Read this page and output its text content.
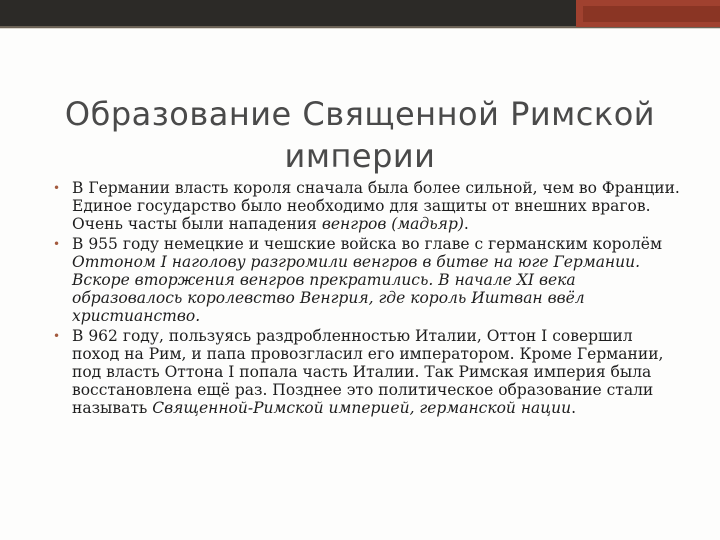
Образование Священной Римской империи
• В Германии власть короля сначала была более сильной, чем во Франции. Единое государство было необходимо для защиты от внешних врагов. Очень часты были нападения венгров (мадьяр).
• В 955 году немецкие и чешские войска во главе с германским королём Оттоном I наголову разгромили венгров в битве на юге Германии. Вскоре вторжения венгров прекратились. В начале XI века образовалось королевство Венгрия, где король Иштван ввёл христианство.
• В 962 году, пользуясь раздробленностью Италии, Оттон I совершил поход на Рим, и папа провозгласил его императором. Кроме Германии, под власть Оттона I попала часть Италии. Так Римская империя была восстановлена ещё раз. Позднее это политическое образование стали называть Священной-Римской империей, германской нации.
